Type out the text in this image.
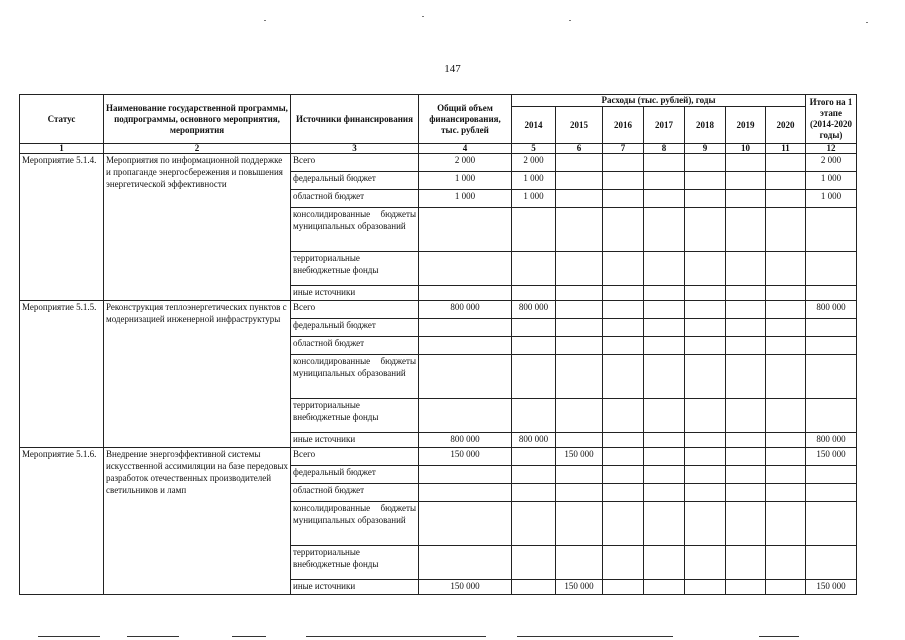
147
Статус	Наименование государственной программы, подпрограммы, основного мероприятия, мероприятия	Источники финансирования	Общий объем финансирования, тыс. рублей	Расходы (тыс. рублей), годы							Итого на 1 этапе (2014-2020 годы)
				2014	2015	2016	2017	2018	2019	2020	
1	2	3	4	5	6	7	8	9	10	11	12
Мероприятие 5.1.4.	Мероприятия по информационной поддержке и пропаганде энергосбережения и повышения энергетической эффективности	Всего	2 000	2 000							2 000
		федеральный бюджет	1 000	1 000							1 000
		областной бюджет	1 000	1 000							1 000
		консолидированные бюджеты муниципальных образований									
		территориальные внебюджетные фонды									
		иные источники									
Мероприятие 5.1.5.	Реконструкция теплоэнергетических пунктов с модернизацией инженерной инфраструктуры	Всего	800 000	800 000							800 000
		федеральный бюджет									
		областной бюджет									
		консолидированные бюджеты муниципальных образований									
		территориальные внебюджетные фонды									
		иные источники	800 000	800 000							800 000
Мероприятие 5.1.6.	Внедрение энергоэффективной системы искусственной ассимиляции на базе передовых разработок отечественных производителей светильников и ламп	Всего	150 000		150 000						150 000
		федеральный бюджет									
		областной бюджет									
		консолидированные бюджеты муниципальных образований									
		территориальные внебюджетные фонды									
		иные источники	150 000		150 000						150 000
